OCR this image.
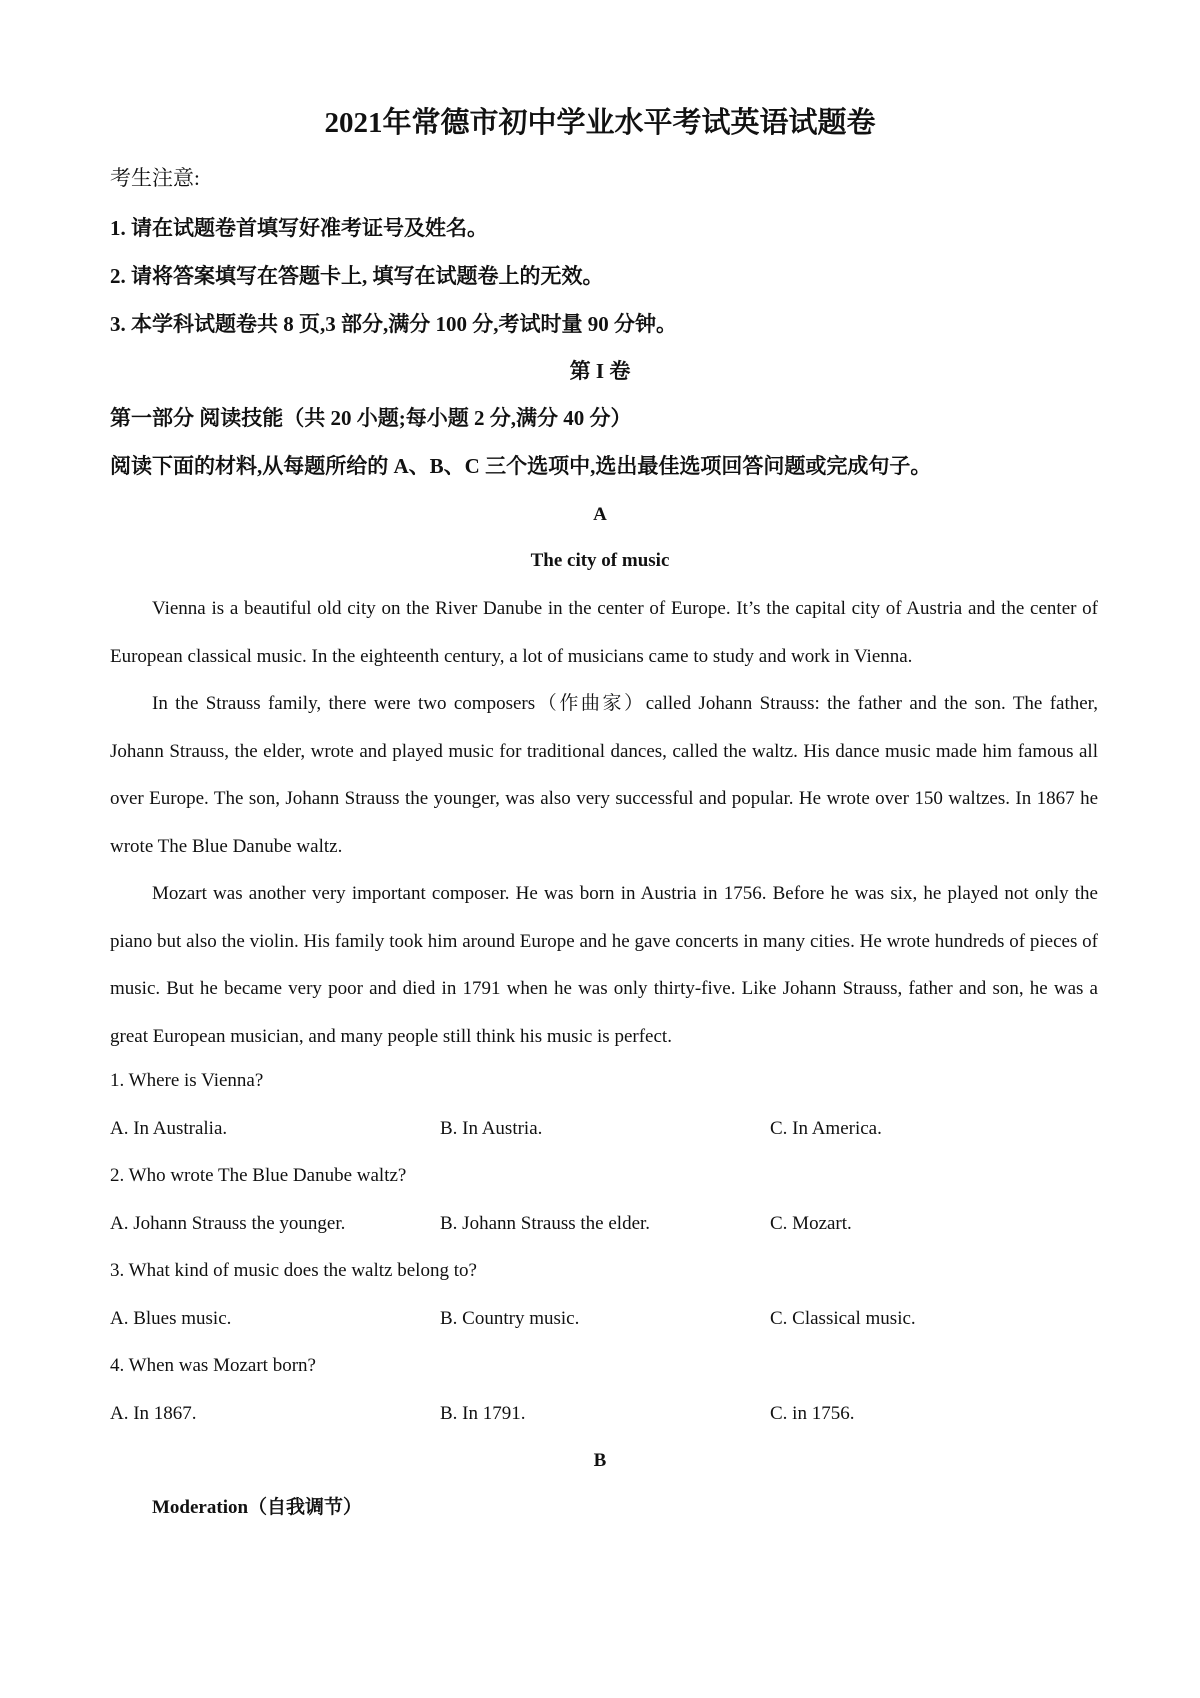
2021年常德市初中学业水平考试英语试题卷
考生注意:
1. 请在试题卷首填写好准考证号及姓名。
2. 请将答案填写在答题卡上, 填写在试题卷上的无效。
3. 本学科试题卷共 8 页,3 部分,满分 100 分,考试时量 90 分钟。
第 I 卷
第一部分 阅读技能（共 20 小题;每小题 2 分,满分 40 分）
阅读下面的材料,从每题所给的 A、B、C 三个选项中,选出最佳选项回答问题或完成句子。
A
The city of music
Vienna is a beautiful old city on the River Danube in the center of Europe. It’s the capital city of Austria and the center of European classical music. In the eighteenth century, a lot of musicians came to study and work in Vienna.
In the Strauss family, there were two composers（作曲家）called Johann Strauss: the father and the son. The father, Johann Strauss, the elder, wrote and played music for traditional dances, called the waltz. His dance music made him famous all over Europe. The son, Johann Strauss the younger, was also very successful and popular. He wrote over 150 waltzes. In 1867 he wrote The Blue Danube waltz.
Mozart was another very important composer. He was born in Austria in 1756. Before he was six, he played not only the piano but also the violin. His family took him around Europe and he gave concerts in many cities. He wrote hundreds of pieces of music. But he became very poor and died in 1791 when he was only thirty-five. Like Johann Strauss, father and son, he was a great European musician, and many people still think his music is perfect.
1. Where is Vienna?
A. In Australia.	B. In Austria.	C. In America.
2. Who wrote The Blue Danube waltz?
A. Johann Strauss the younger.	B. Johann Strauss the elder.	C. Mozart.
3. What kind of music does the waltz belong to?
A. Blues music.	B. Country music.	C. Classical music.
4. When was Mozart born?
A. In 1867.	B. In 1791.	C. in 1756.
B
Moderation（自我调节）
